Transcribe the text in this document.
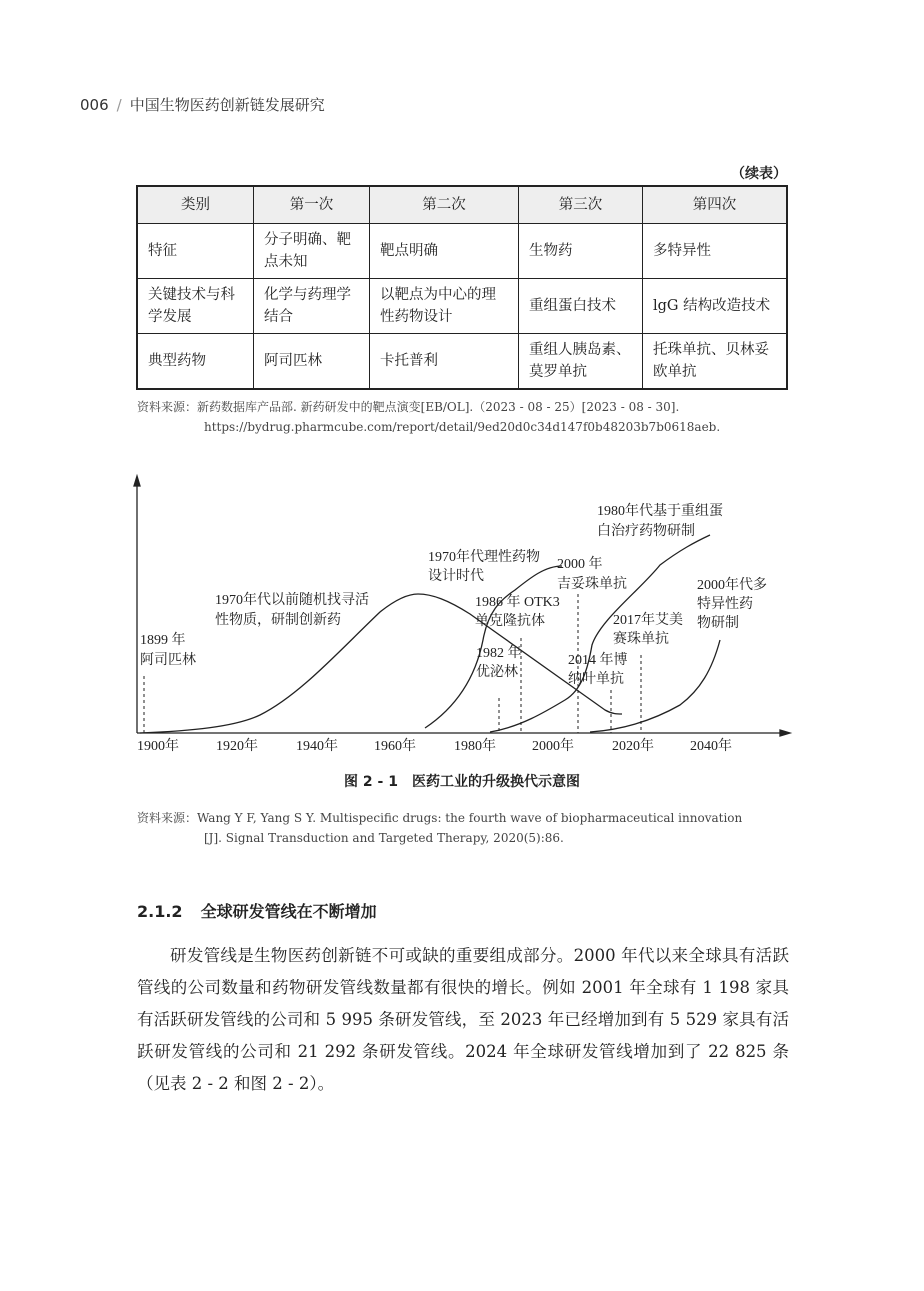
006 / 中国生物医药创新链发展研究
（续表）
类别	第一次	第二次	第三次	第四次
特征	分子明确、靶点未知	靶点明确	生物药	多特异性
关键技术与科学发展	化学与药理学结合	以靶点为中心的理性药物设计	重组蛋白技术	lgG 结构改造技术
典型药物	阿司匹林	卡托普利	重组人胰岛素、莫罗单抗	托珠单抗、贝林妥欧单抗
资料来源：新药数据库产品部. 新药研发中的靶点演变[EB/OL].（2023 - 08 - 25）[2023 - 08 - 30].
https://bydrug.pharmcube.com/report/detail/9ed20d0c34d147f0b48203b7b0618aeb.
1900年	1920年	1940年	1960年	1980年	2000年	2020年	2040年
1899 年
阿司匹林
1970年代以前随机找寻活
性物质，研制创新药
1970年代理性药物
设计时代
2000 年
吉妥珠单抗
1986 年 OTK3
单克隆抗体
1982 年
优泌林
2014 年博
纳叶单抗
2017年艾美
赛珠单抗
1980年代基于重组蛋
白治疗药物研制
2000年代多
特异性药
物研制
图 2 - 1　医药工业的升级换代示意图
资料来源：Wang Y F, Yang S Y. Multispecific drugs: the fourth wave of biopharmaceutical innovation
[J]. Signal Transduction and Targeted Therapy, 2020(5):86.
2.1.2 全球研发管线在不断增加
研发管线是生物医药创新链不可或缺的重要组成部分。2000 年代以来全球具有活跃管线的公司数量和药物研发管线数量都有很快的增长。例如 2001 年全球有 1 198 家具有活跃研发管线的公司和 5 995 条研发管线，至 2023 年已经增加到有 5 529 家具有活跃研发管线的公司和 21 292 条研发管线。2024 年全球研发管线增加到了 22 825 条（见表 2 - 2 和图 2 - 2）。
